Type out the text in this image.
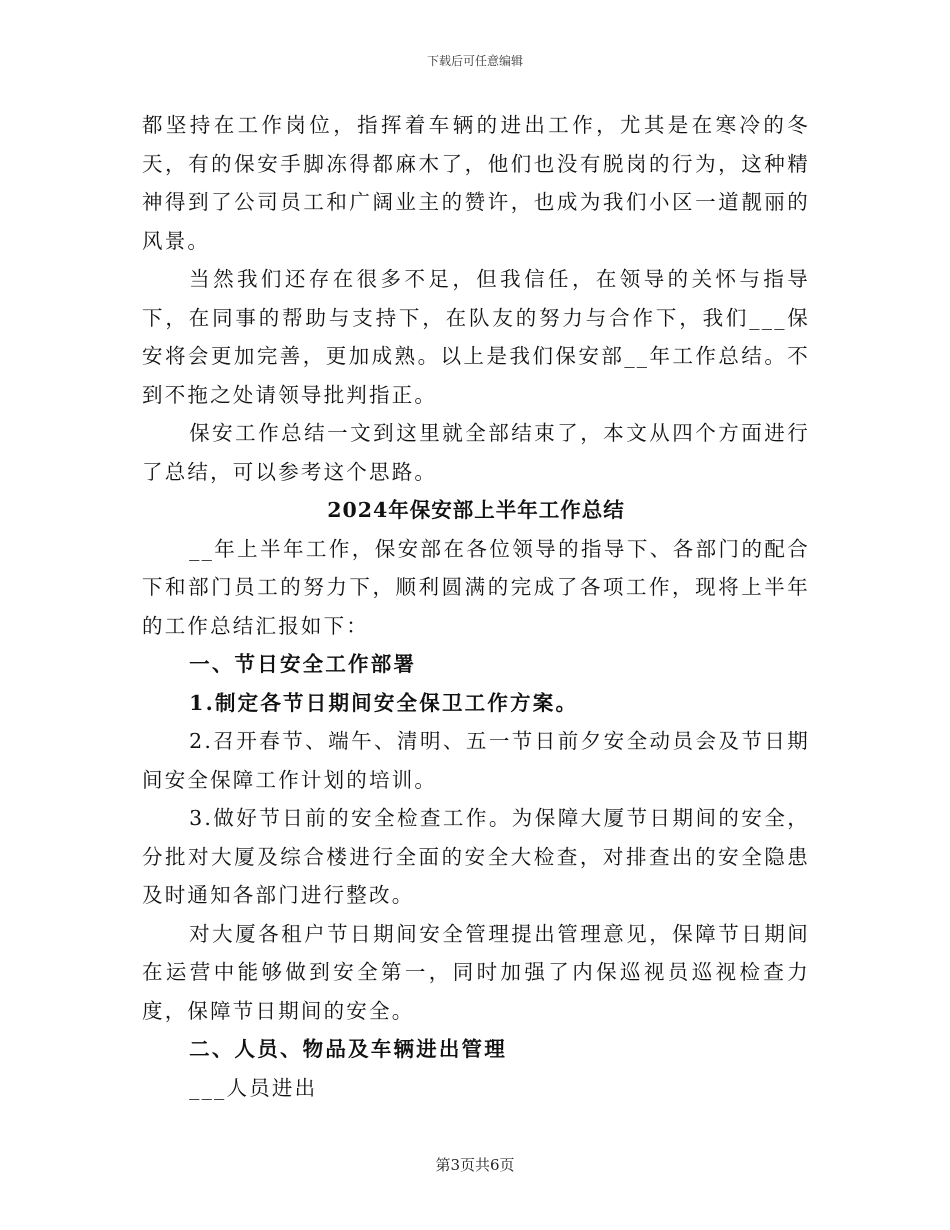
下载后可任意编辑

都坚持在工作岗位，指挥着车辆的进出工作，尤其是在寒冷的冬天，有的保安手脚冻得都麻木了，他们也没有脱岗的行为，这种精神得到了公司员工和广阔业主的赞许，也成为我们小区一道靓丽的风景。

当然我们还存在很多不足，但我信任，在领导的关怀与指导下，在同事的帮助与支持下，在队友的努力与合作下，我们___保安将会更加完善，更加成熟。以上是我们保安部__年工作总结。不到不拖之处请领导批判指正。

保安工作总结一文到这里就全部结束了，本文从四个方面进行了总结，可以参考这个思路。

2024年保安部上半年工作总结

__年上半年工作，保安部在各位领导的指导下、各部门的配合下和部门员工的努力下，顺利圆满的完成了各项工作，现将上半年的工作总结汇报如下：

一、节日安全工作部署

1.制定各节日期间安全保卫工作方案。

2.召开春节、端午、清明、五一节日前夕安全动员会及节日期间安全保障工作计划的培训。

3.做好节日前的安全检查工作。为保障大厦节日期间的安全，分批对大厦及综合楼进行全面的安全大检查，对排查出的安全隐患及时通知各部门进行整改。

对大厦各租户节日期间安全管理提出管理意见，保障节日期间在运营中能够做到安全第一，同时加强了内保巡视员巡视检查力度，保障节日期间的安全。

二、人员、物品及车辆进出管理

___人员进出

第3页共6页
